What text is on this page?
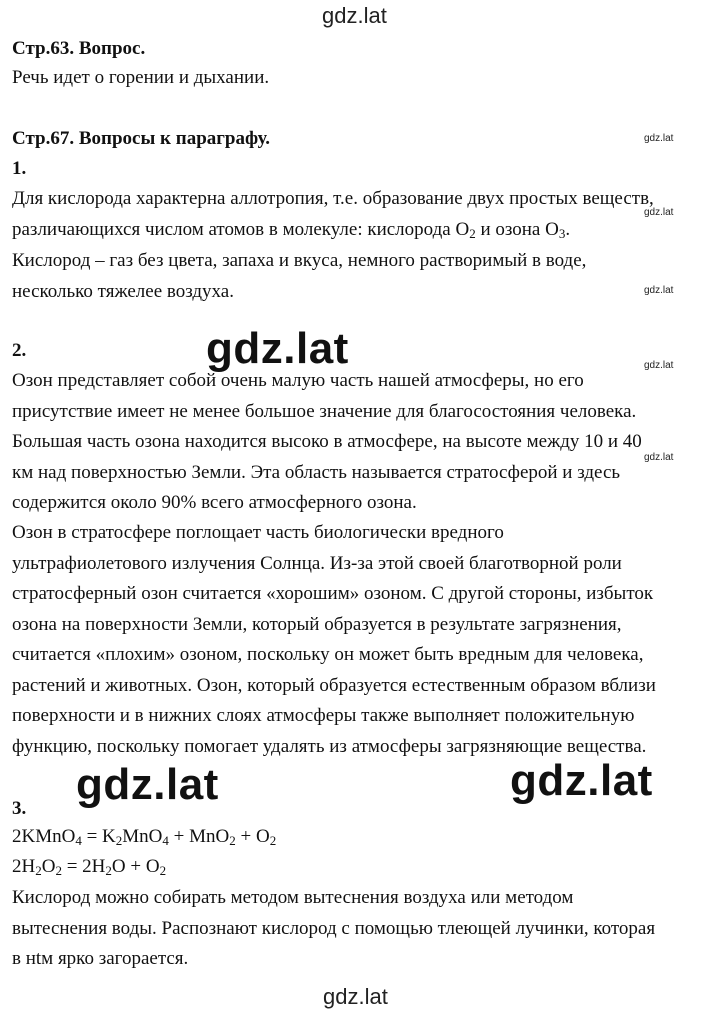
gdz.lat
Стр.63. Вопрос.
Речь идет о горении и дыхании.
Стр.67. Вопросы к параграфу.	gdz.lat
1.
Для кислорода характерна аллотропия, т.е. образование двух простых веществ,
gdz.lat
различающихся числом атомов в молекуле: кислорода $О_2$ и озона $О_3$.
Кислород – газ без цвета, запаха и вкуса, немного растворимый в воде,
несколько тяжелее воздуха.	gdz.lat
2.	gdz.lat	gdz.lat
gdz.lat
Озон представляет собой очень малую часть нашей атмосферы, но его
присутствие имеет не менее большое значение для благосостояния человека.
Большая часть озона находится высоко в атмосфере, на высоте между 10 и 40
км над поверхностью Земли. Эта область называется стратосферой и здесь
содержится около 90% всего атмосферного озона.
Озон в стратосфере поглощает часть биологически вредного
ультрафиолетового излучения Солнца. Из-за этой своей благотворной роли
стратосферный озон считается «хорошим» озоном. С другой стороны, избыток
озона на поверхности Земли, который образуется в результате загрязнения,
считается «плохим» озоном, поскольку он может быть вредным для человека,
растений и животных. Озон, который образуется естественным образом вблизи
поверхности и в нижних слоях атмосферы также выполняет положительную
функцию, поскольку помогает удалять из атмосферы загрязняющие вещества.
gdz.lat	gdz.lat
3.
2KMnO$_4$ = $K_2MnO_4 + MnO_2 + O_2$
$2H_2O_2 = 2H_2O + O_2$
Кислород можно собирать методом вытеснения воздуха или методом
вытеснения воды. Распознают кислород с помощью тлеющей лучинки, которая
в нtм ярко загорается.
gdz.lat
